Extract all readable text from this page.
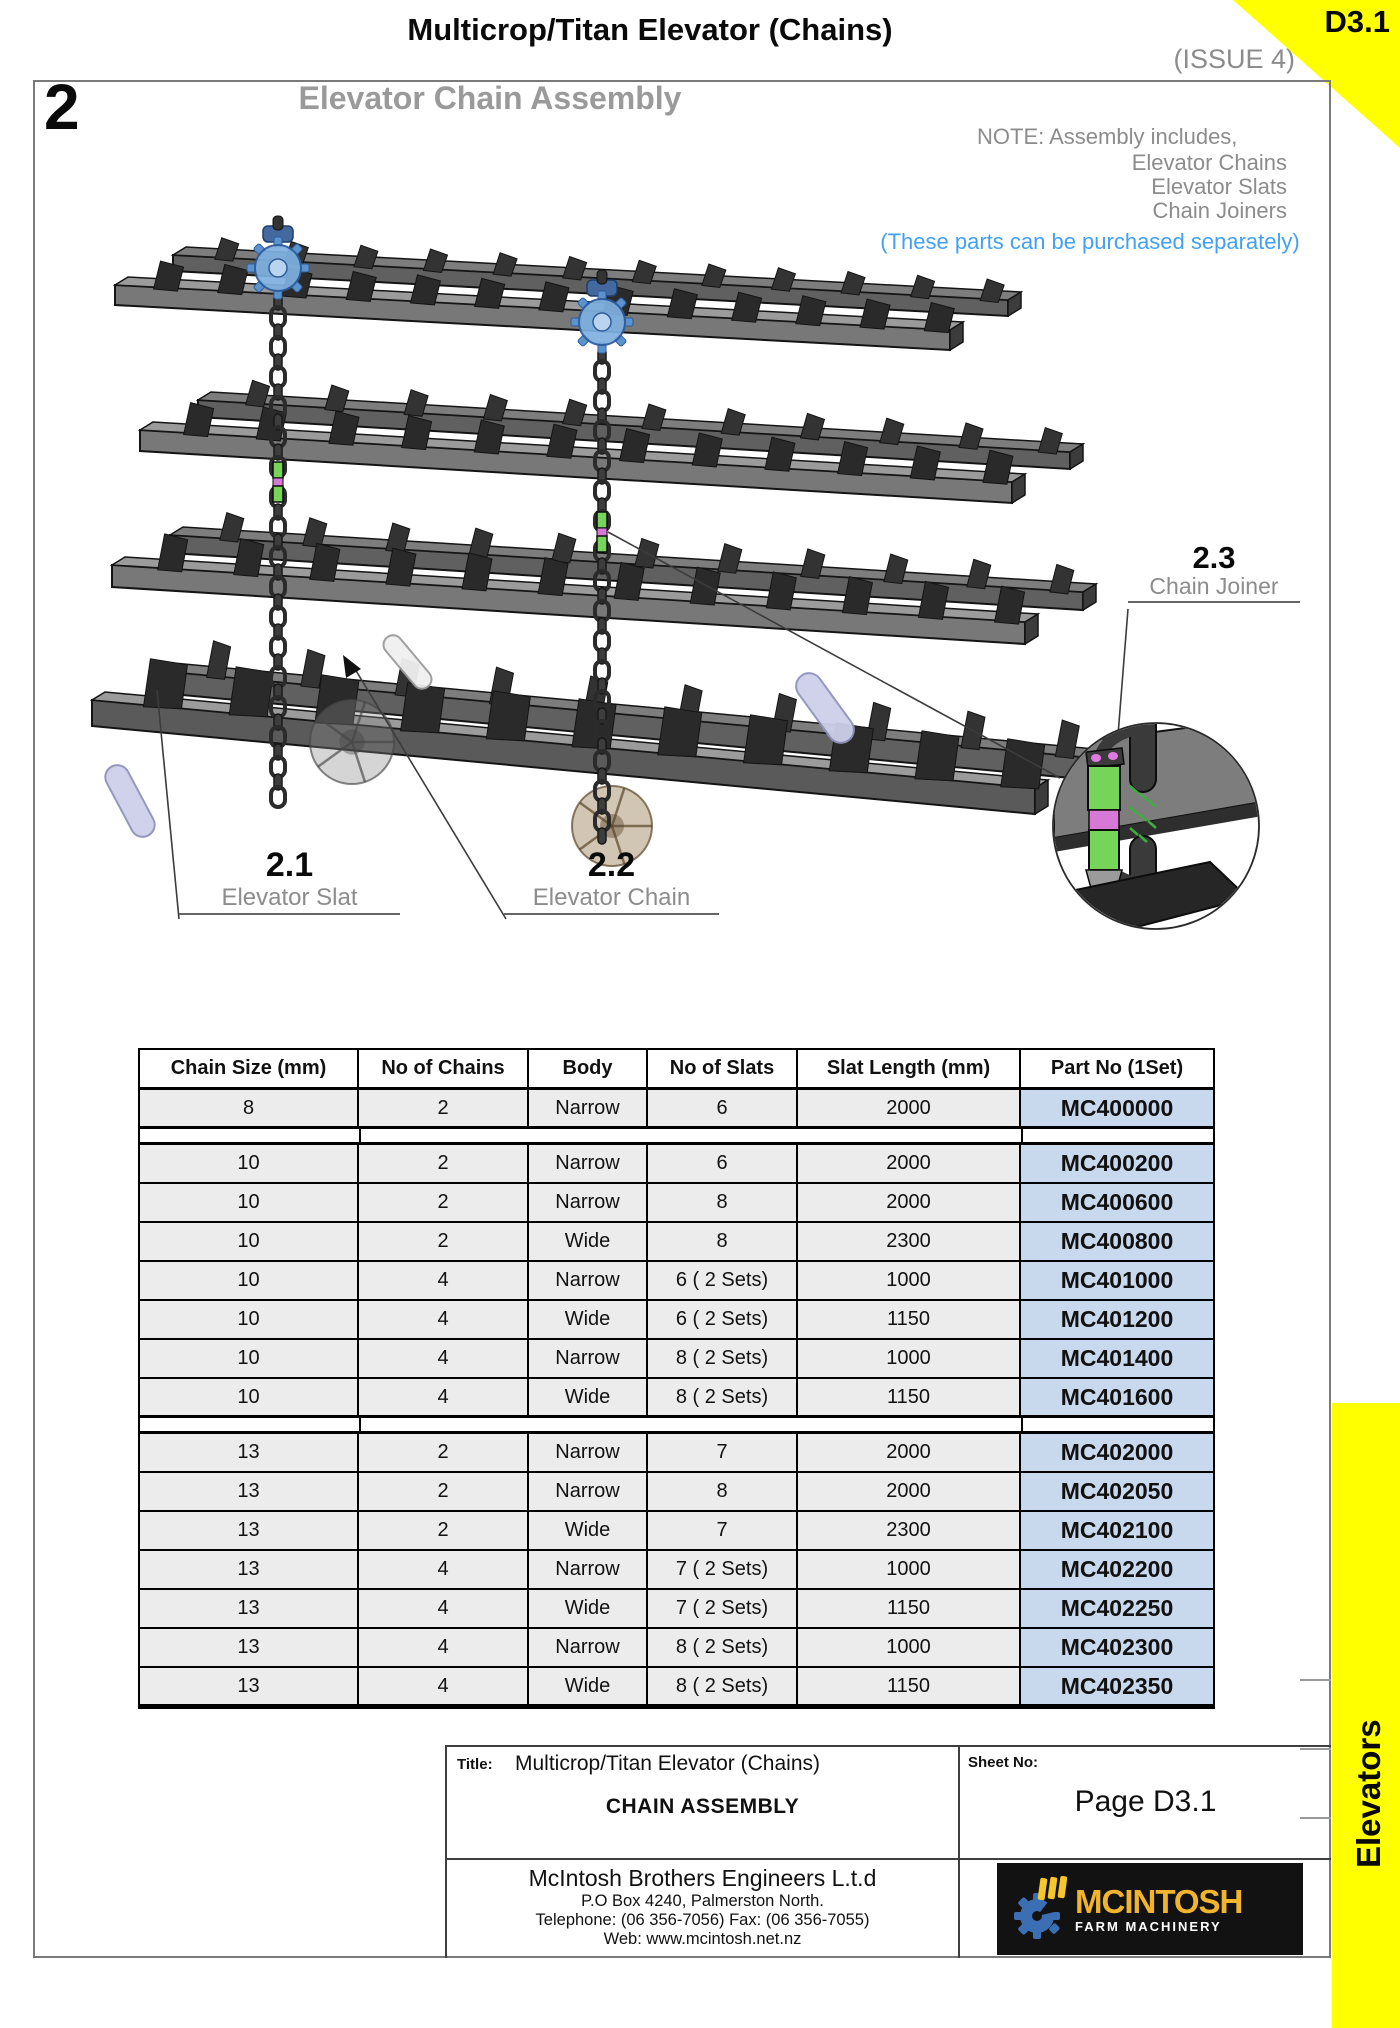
Multicrop/Titan Elevator (Chains)
(ISSUE 4)
D3.1
2	Elevator Chain Assembly
NOTE: Assembly includes,
Elevator Chains
Elevator Slats
Chain Joiners
(These parts can be purchased separately)
2.1
Elevator Slat
2.2
Elevator Chain
2.3
Chain Joiner
Chain Size (mm)	No of Chains	Body	No of Slats	Slat Length (mm)	Part No (1Set)
8	2	Narrow	6	2000	MC400000
10	2	Narrow	6	2000	MC400200
10	2	Narrow	8	2000	MC400600
10	2	Wide	8	2300	MC400800
10	4	Narrow	6 ( 2 Sets)	1000	MC401000
10	4	Wide	6 ( 2 Sets)	1150	MC401200
10	4	Narrow	8 ( 2 Sets)	1000	MC401400
10	4	Wide	8 ( 2 Sets)	1150	MC401600
13	2	Narrow	7	2000	MC402000
13	2	Narrow	8	2000	MC402050
13	2	Wide	7	2300	MC402100
13	4	Narrow	7 ( 2 Sets)	1000	MC402200
13	4	Wide	7 ( 2 Sets)	1150	MC402250
13	4	Narrow	8 ( 2 Sets)	1000	MC402300
13	4	Wide	8 ( 2 Sets)	1150	MC402350
Title: Multicrop/Titan Elevator (Chains)
CHAIN ASSEMBLY
Sheet No:
Page D3.1
McIntosh Brothers Engineers L.t.d
P.O Box 4240, Palmerston North.
Telephone: (06 356-7056) Fax: (06 356-7055)
Web: www.mcintosh.net.nz
MCINTOSH
FARM MACHINERY
Elevators
